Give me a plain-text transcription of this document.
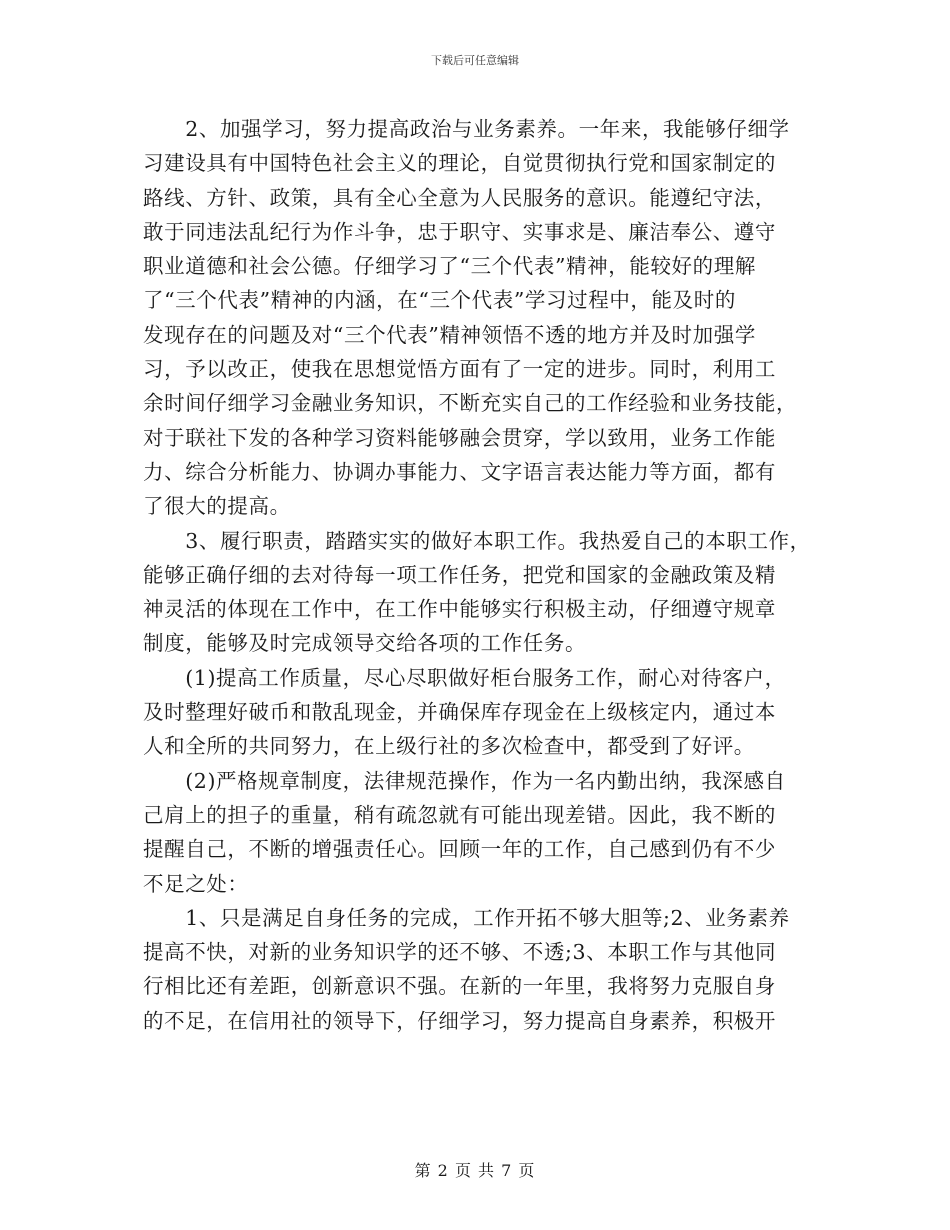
下载后可任意编辑
　　2、加强学习，努力提高政治与业务素养。一年来，我能够仔细学
习建设具有中国特色社会主义的理论，自觉贯彻执行党和国家制定的
路线、方针、政策，具有全心全意为人民服务的意识。能遵纪守法，
敢于同违法乱纪行为作斗争，忠于职守、实事求是、廉洁奉公、遵守
职业道德和社会公德。仔细学习了“三个代表”精神，能较好的理解
了“三个代表”精神的内涵，在“三个代表”学习过程中，能及时的
发现存在的问题及对“三个代表”精神领悟不透的地方并及时加强学
习，予以改正，使我在思想觉悟方面有了一定的进步。同时，利用工
余时间仔细学习金融业务知识，不断充实自己的工作经验和业务技能，
对于联社下发的各种学习资料能够融会贯穿，学以致用，业务工作能
力、综合分析能力、协调办事能力、文字语言表达能力等方面，都有
了很大的提高。
　　3、履行职责，踏踏实实的做好本职工作。我热爱自己的本职工作，
能够正确仔细的去对待每一项工作任务，把党和国家的金融政策及精
神灵活的体现在工作中，在工作中能够实行积极主动，仔细遵守规章
制度，能够及时完成领导交给各项的工作任务。
　　(1)提高工作质量，尽心尽职做好柜台服务工作，耐心对待客户，
及时整理好破币和散乱现金，并确保库存现金在上级核定内，通过本
人和全所的共同努力，在上级行社的多次检查中，都受到了好评。
　　(2)严格规章制度，法律规范操作，作为一名内勤出纳，我深感自
己肩上的担子的重量，稍有疏忽就有可能出现差错。因此，我不断的
提醒自己，不断的增强责任心。回顾一年的工作，自己感到仍有不少
不足之处：
　　1、只是满足自身任务的完成，工作开拓不够大胆等;2、业务素养
提高不快，对新的业务知识学的还不够、不透;3、本职工作与其他同
行相比还有差距，创新意识不强。在新的一年里，我将努力克服自身
的不足，在信用社的领导下，仔细学习，努力提高自身素养，积极开
第 2 页 共 7 页
